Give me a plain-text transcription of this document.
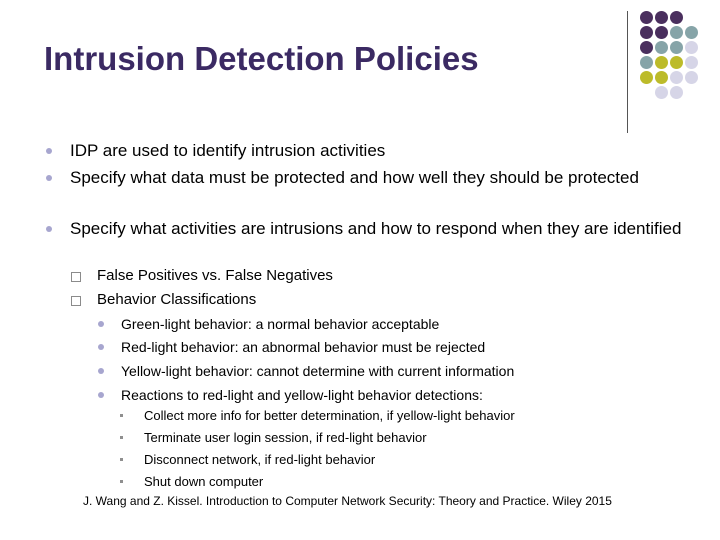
Intrusion Detection Policies
IDP are used to identify intrusion activities
Specify what data must be protected and how well they should be protected
Specify what activities are intrusions and how to respond when they are identified
False Positives vs. False Negatives
Behavior Classifications
Green-light behavior: a normal behavior acceptable
Red-light behavior: an abnormal behavior must be rejected
Yellow-light behavior: cannot determine with current information
Reactions to red-light and yellow-light behavior detections:
Collect more info for better determination, if yellow-light behavior
Terminate user login session, if red-light behavior
Disconnect network, if red-light behavior
Shut down computer
J. Wang and Z. Kissel. Introduction to Computer Network Security: Theory and Practice. Wiley 2015
